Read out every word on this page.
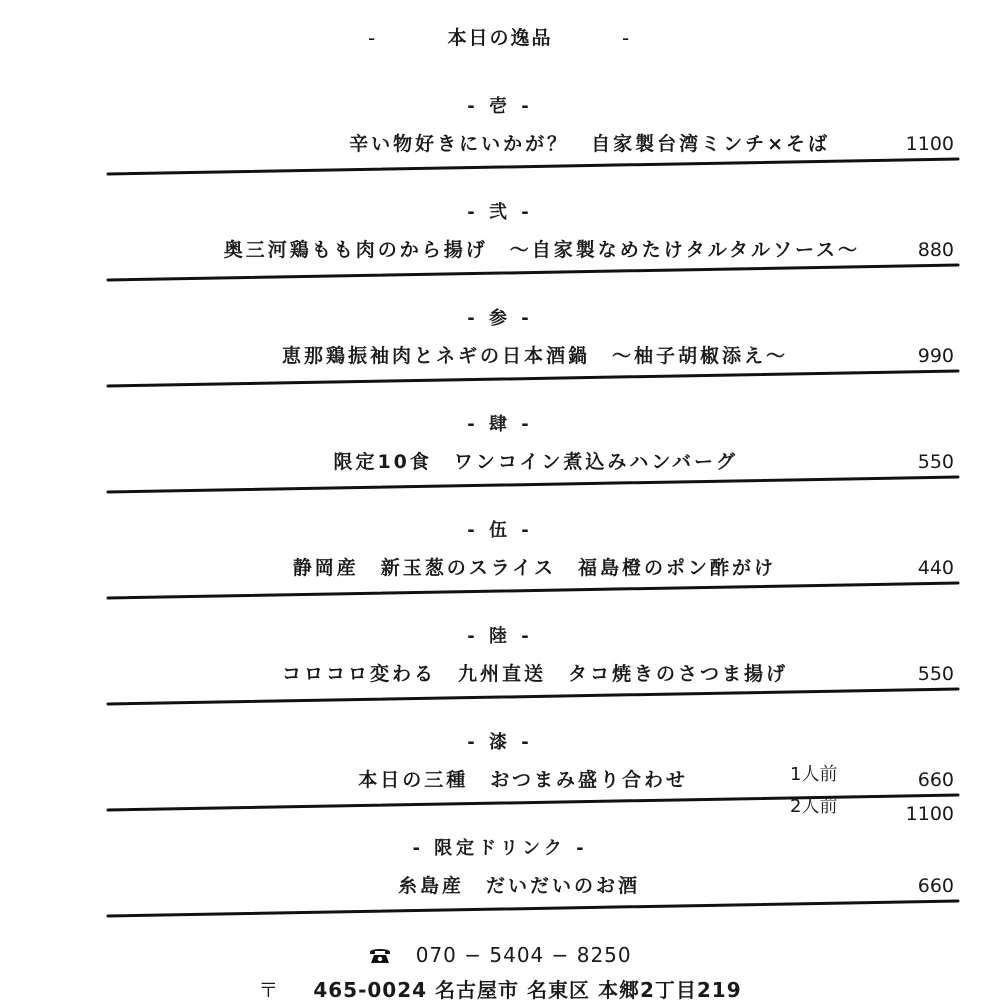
-	本日の逸品	-
- 壱 -
辛い物好きにいかが？　自家製台湾ミンチ×そば	1100
- 弐 -
奥三河鶏もも肉のから揚げ　～自家製なめたけタルタルソース～	880
- 参 -
恵那鶏振袖肉とネギの日本酒鍋　～柚子胡椒添え～	990
- 肆 -
限定10食　ワンコイン煮込みハンバーグ	550
- 伍 -
静岡産　新玉葱のスライス　福島橙のポン酢がけ	440
- 陸 -
コロコロ変わる　九州直送　タコ焼きのさつま揚げ	550
- 漆 -
本日の三種　おつまみ盛り合わせ	1人前	660
2人前	1100
- 限定ドリンク -
糸島産　だいだいのお酒	660
070 − 5404 − 8250
〒 465-0024 名古屋市 名東区 本郷2丁目219
